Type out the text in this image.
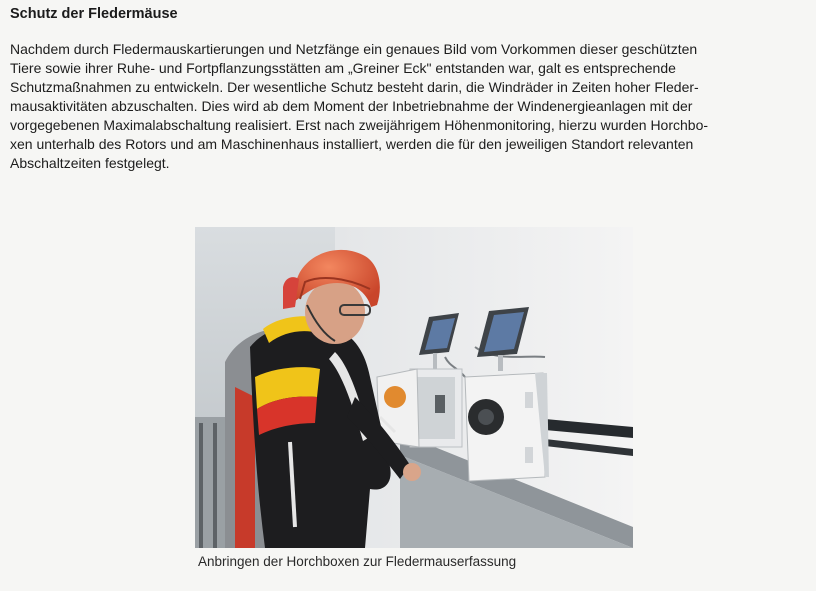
Schutz der Fledermäuse
Nachdem durch Fledermauskartierungen und Netzfänge ein genaues Bild vom Vorkommen dieser geschützten
Tiere sowie ihrer Ruhe- und Fortpflanzungsstätten am „Greiner Eck" entstanden war, galt es entsprechende
Schutzmaßnahmen zu entwickeln. Der wesentliche Schutz besteht darin, die Windräder in Zeiten hoher Fleder-
mausaktivitäten abzuschalten. Dies wird ab dem Moment der Inbetriebnahme der Windenergieanlagen mit der
vorgegebenen Maximalabschaltung realisiert. Erst nach zweijährigem Höhenmonitoring, hierzu wurden Horchbo-
xen unterhalb des Rotors und am Maschinenhaus installiert, werden die für den jeweiligen Standort relevanten
Abschaltzeiten festgelegt.
Anbringen der Horchboxen zur Fledermauserfassung
